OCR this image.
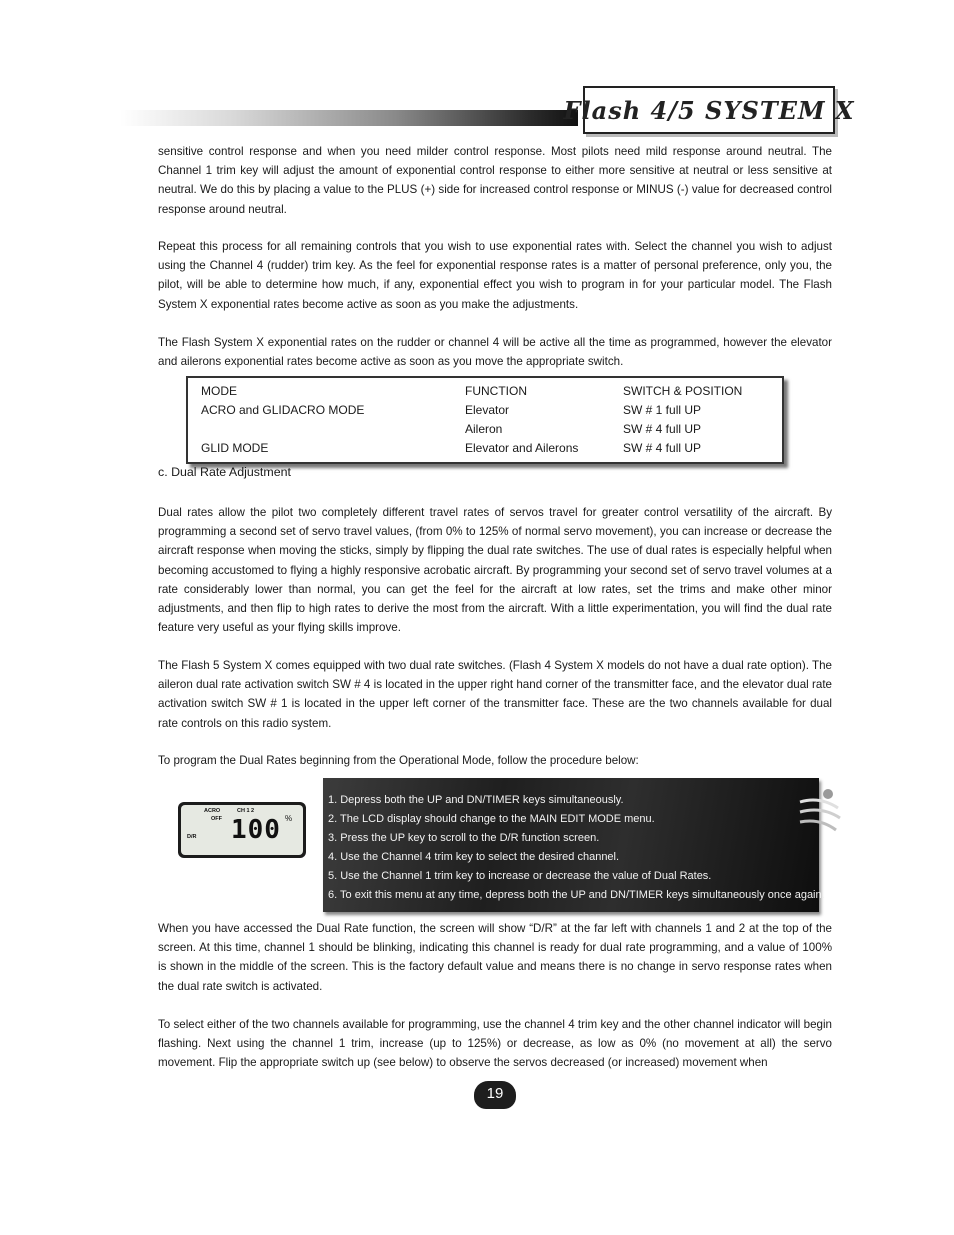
Flash 4/5 SYSTEM X

sensitive control response and when you need milder control response. Most pilots need mild response around neutral. The Channel 1 trim key will adjust the amount of exponential control response to either more sensitive at neutral or less sensitive at neutral. We do this by placing a value to the PLUS (+) side for increased control response or MINUS (-) value for decreased control response around neutral.

Repeat this process for all remaining controls that you wish to use exponential rates with. Select the channel you wish to adjust using the Channel 4 (rudder) trim key. As the feel for exponential response rates is a matter of personal preference, only you, the pilot, will be able to determine how much, if any, exponential effect you wish to program in for your particular model. The Flash System X exponential rates become active as soon as you make the adjustments.

The Flash System X exponential rates on the rudder or channel 4 will be active all the time as programmed, however the elevator and ailerons exponential rates become active as soon as you move the appropriate switch.

MODE	FUNCTION	SWITCH & POSITION
ACRO and GLIDACRO MODE	Elevator	SW # 1 full UP
	Aileron	SW # 4 full UP
GLID MODE	Elevator and Ailerons	SW # 4 full UP

c. Dual Rate Adjustment

Dual rates allow the pilot two completely different travel rates of servos travel for greater control versatility of the aircraft. By programming a second set of servo travel values, (from 0% to 125% of normal servo movement), you can increase or decrease the aircraft response when moving the sticks, simply by flipping the dual rate switches. The use of dual rates is especially helpful when becoming accustomed to flying a highly responsive acrobatic aircraft. By programming your second set of servo travel volumes at a rate considerably lower than normal, you can get the feel for the aircraft at low rates, set the trims and make other minor adjustments, and then flip to high rates to derive the most from the aircraft. With a little experimentation, you will find the dual rate feature very useful as your flying skills improve.

The Flash 5 System X comes equipped with two dual rate switches. (Flash 4 System X models do not have a dual rate option). The aileron dual rate activation switch SW # 4 is located in the upper right hand corner of the transmitter face, and the elevator dual rate activation switch SW # 1 is located in the upper left corner of the transmitter face. These are the two channels available for dual rate controls on this radio system.

To program the Dual Rates beginning from the Operational Mode, follow the procedure below:

ACRO
OFF
CH 1 2
D/R 100 %
1. Depress both the UP and DN/TIMER keys simultaneously.
2. The LCD display should change to the MAIN EDIT MODE menu.
3. Press the UP key to scroll to the D/R function screen.
4. Use the Channel 4 trim key to select the desired channel.
5. Use the Channel 1 trim key to increase or decrease the value of Dual Rates.
6. To exit this menu at any time, depress both the UP and DN/TIMER keys simultaneously once again.

When you have accessed the Dual Rate function, the screen will show “D/R” at the far left with channels 1 and 2 at the top of the screen. At this time, channel 1 should be blinking, indicating this channel is ready for dual rate programming, and a value of 100% is shown in the middle of the screen. This is the factory default value and means there is no change in servo response rates when the dual rate switch is activated.

To select either of the two channels available for programming, use the channel 4 trim key and the other channel indicator will begin flashing. Next using the channel 1 trim, increase (up to 125%) or decrease, as low as 0% (no movement at all) the servo movement. Flip the appropriate switch up (see below) to observe the servos decreased (or increased) movement when

19
